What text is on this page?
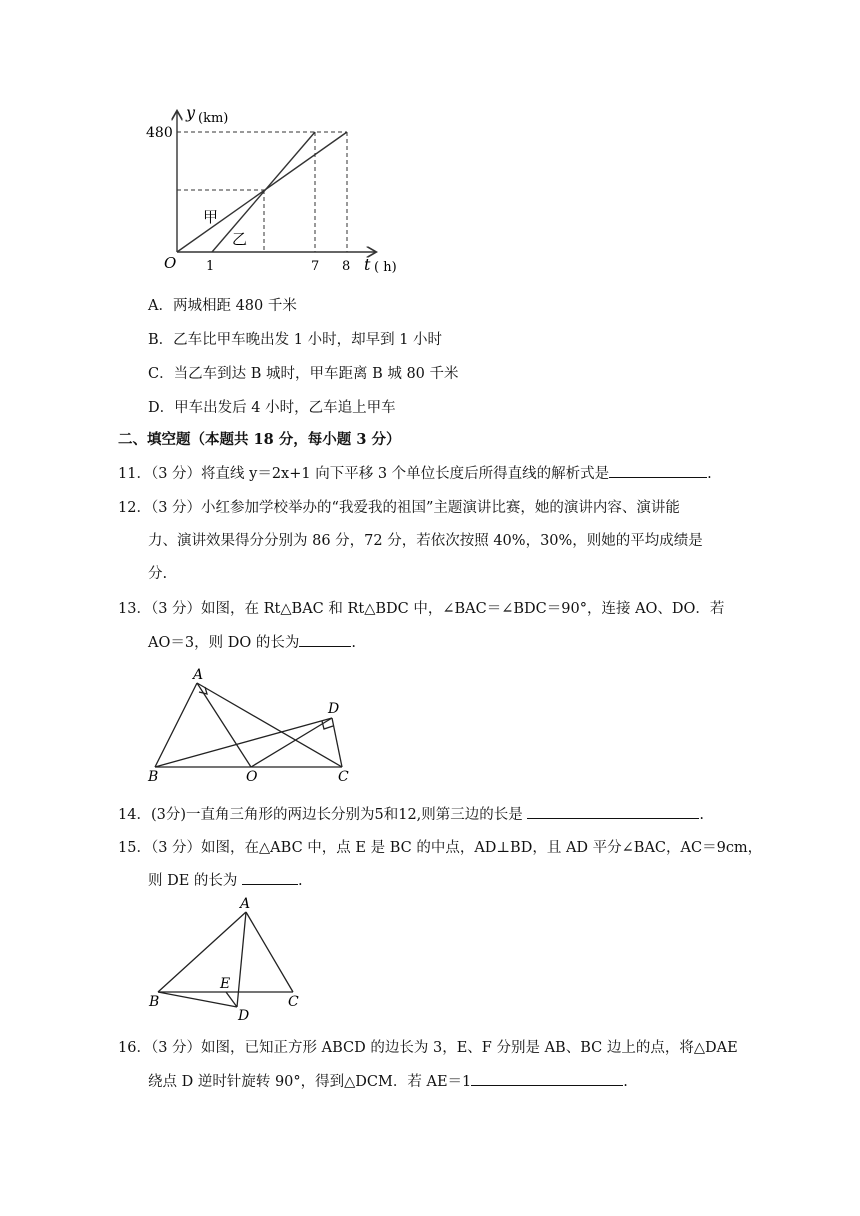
y (km)
480
O 1	7 8 t ( h)
甲
乙
A．两城相距 480 千米
B．乙车比甲车晚出发 1 小时，却早到 1 小时
C．当乙车到达 B 城时，甲车距离 B 城 80 千米
D．甲车出发后 4 小时，乙车追上甲车
二、填空题（本题共 18 分，每小题 3 分）
11．（3 分）将直线 y＝2x+1 向下平移 3 个单位长度后所得直线的解析式是	.
12．（3 分）小红参加学校举办的“我爱我的祖国”主题演讲比赛，她的演讲内容、演讲能
力、演讲效果得分分别为 86 分，72 分，若依次按照 40%，30%，则她的平均成绩是
分.
13．（3 分）如图，在 Rt△BAC 和 Rt△BDC 中，∠BAC＝∠BDC＝90°，连接 AO、DO．若
AO＝3，则 DO 的长为	.
A
D
B	O	C
14．(3分)一直角三角形的两边长分别为5和12,则第三边的长是	.
15．（3 分）如图，在△ABC 中，点 E 是 BC 的中点，AD⊥BD，且 AD 平分∠BAC，AC＝9cm，
则 DE 的长为	.
A
E
B	C
D
16．（3 分）如图，已知正方形 ABCD 的边长为 3，E、F 分别是 AB、BC 边上的点，将△DAE
绕点 D 逆时针旋转 90°，得到△DCM．若 AE＝1	.
